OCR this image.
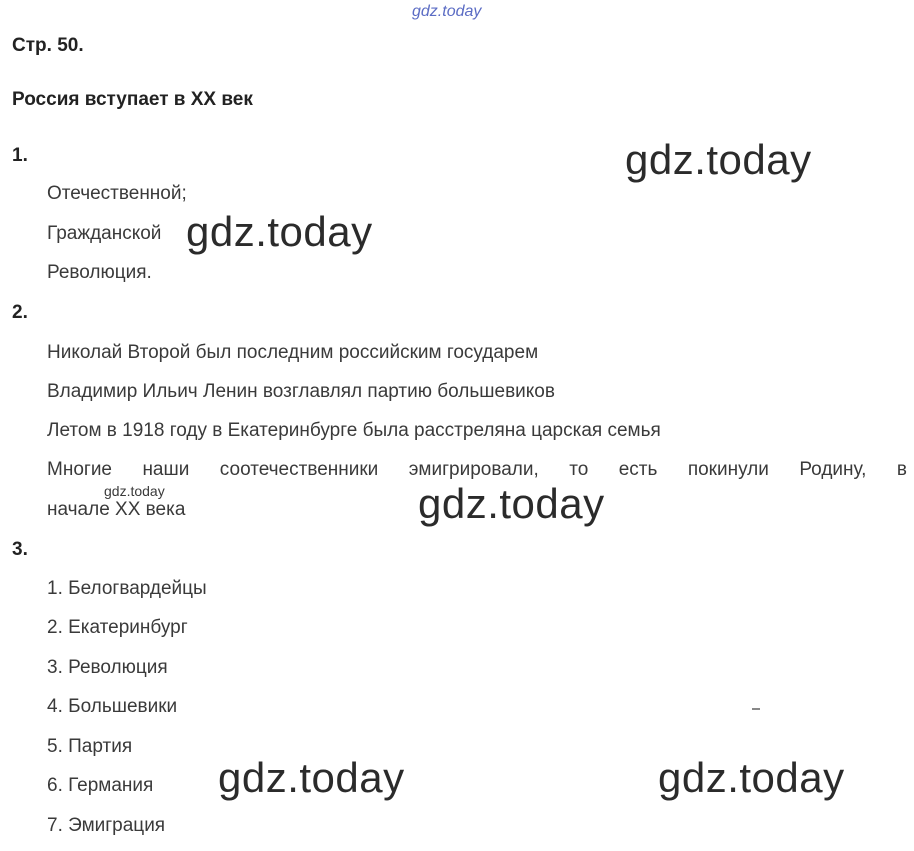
gdz.today
Стр. 50.
Россия вступает в XX век
1.
Отечественной;
Гражданской
Революция.
2.
Николай Второй был последним российским государем
Владимир Ильич Ленин возглавлял партию большевиков
Летом в 1918 году в Екатеринбурге была расстреляна царская семья
Многие наши соотечественники эмигрировали, то есть покинули Родину, в
начале XX века
3.
1. Белогвардейцы
2. Екатеринбург
3. Революция
4. Большевики
5. Партия
6. Германия
7. Эмиграция
gdz.today
gdz.today
gdz.today
gdz.today	gdz.today
gdz.today
